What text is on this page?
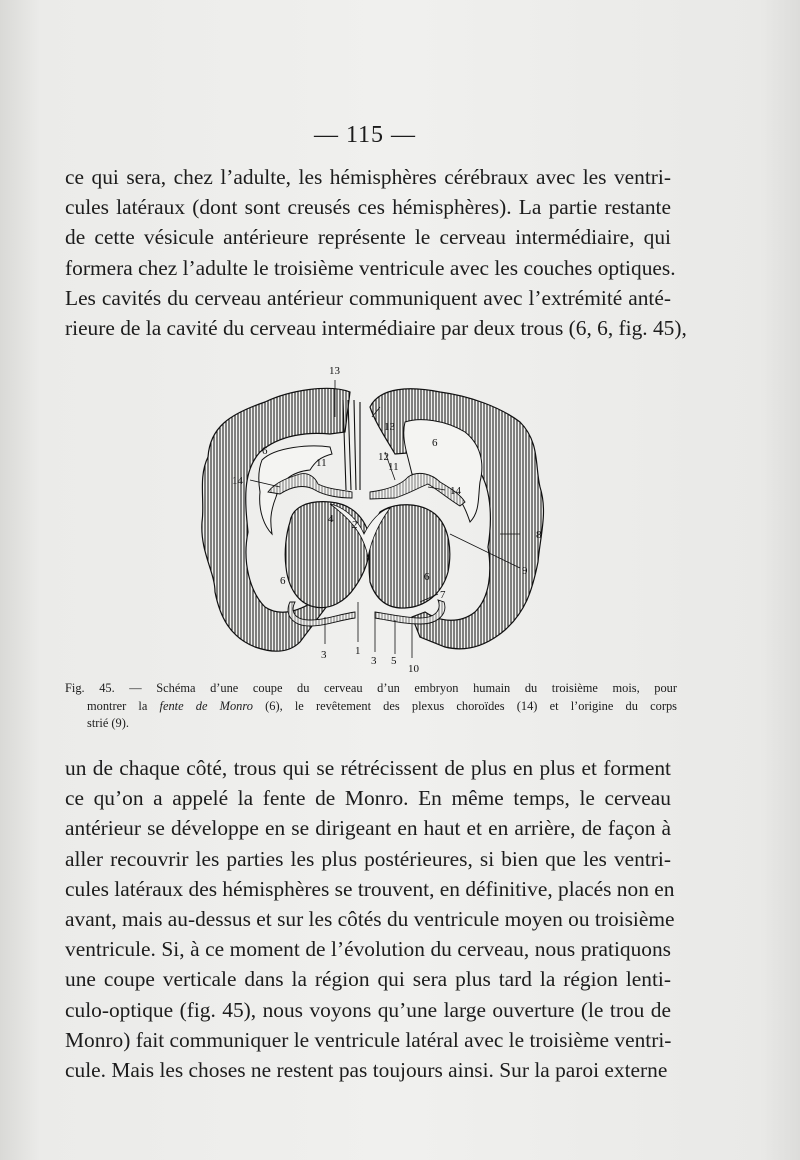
— 115 —

ce qui sera, chez l’adulte, les hémisphères cérébraux avec les ventri-
cules latéraux (dont sont creusés ces hémisphères). La partie restante
de cette vésicule antérieure représente le cerveau intermédiaire, qui
formera chez l’adulte le troisième ventricule avec les couches optiques.
Les cavités du cerveau antérieur communiquent avec l’extrémité anté-
rieure de la cavité du cerveau intermédiaire par deux trous (6, 6, fig. 45),

13
13
6
6
11	12
11
14
14
4 2
8
9
6	6
7
3	1
3 5
10
Fig. 45. — Schéma d’une coupe du cerveau d’un embryon humain du troisième mois, pour
montrer la fente de Monro (6), le revêtement des plexus choroïdes (14) et l’origine du corps
strié (9).

un de chaque côté, trous qui se rétrécissent de plus en plus et forment
ce qu’on a appelé la fente de Monro. En même temps, le cerveau
antérieur se développe en se dirigeant en haut et en arrière, de façon à
aller recouvrir les parties les plus postérieures, si bien que les ventri-
cules latéraux des hémisphères se trouvent, en définitive, placés non en
avant, mais au-dessus et sur les côtés du ventricule moyen ou troisième
ventricule. Si, à ce moment de l’évolution du cerveau, nous pratiquons
une coupe verticale dans la région qui sera plus tard la région lenti-
culo-optique (fig. 45), nous voyons qu’une large ouverture (le trou de
Monro) fait communiquer le ventricule latéral avec le troisième ventri-
cule. Mais les choses ne restent pas toujours ainsi. Sur la paroi externe
